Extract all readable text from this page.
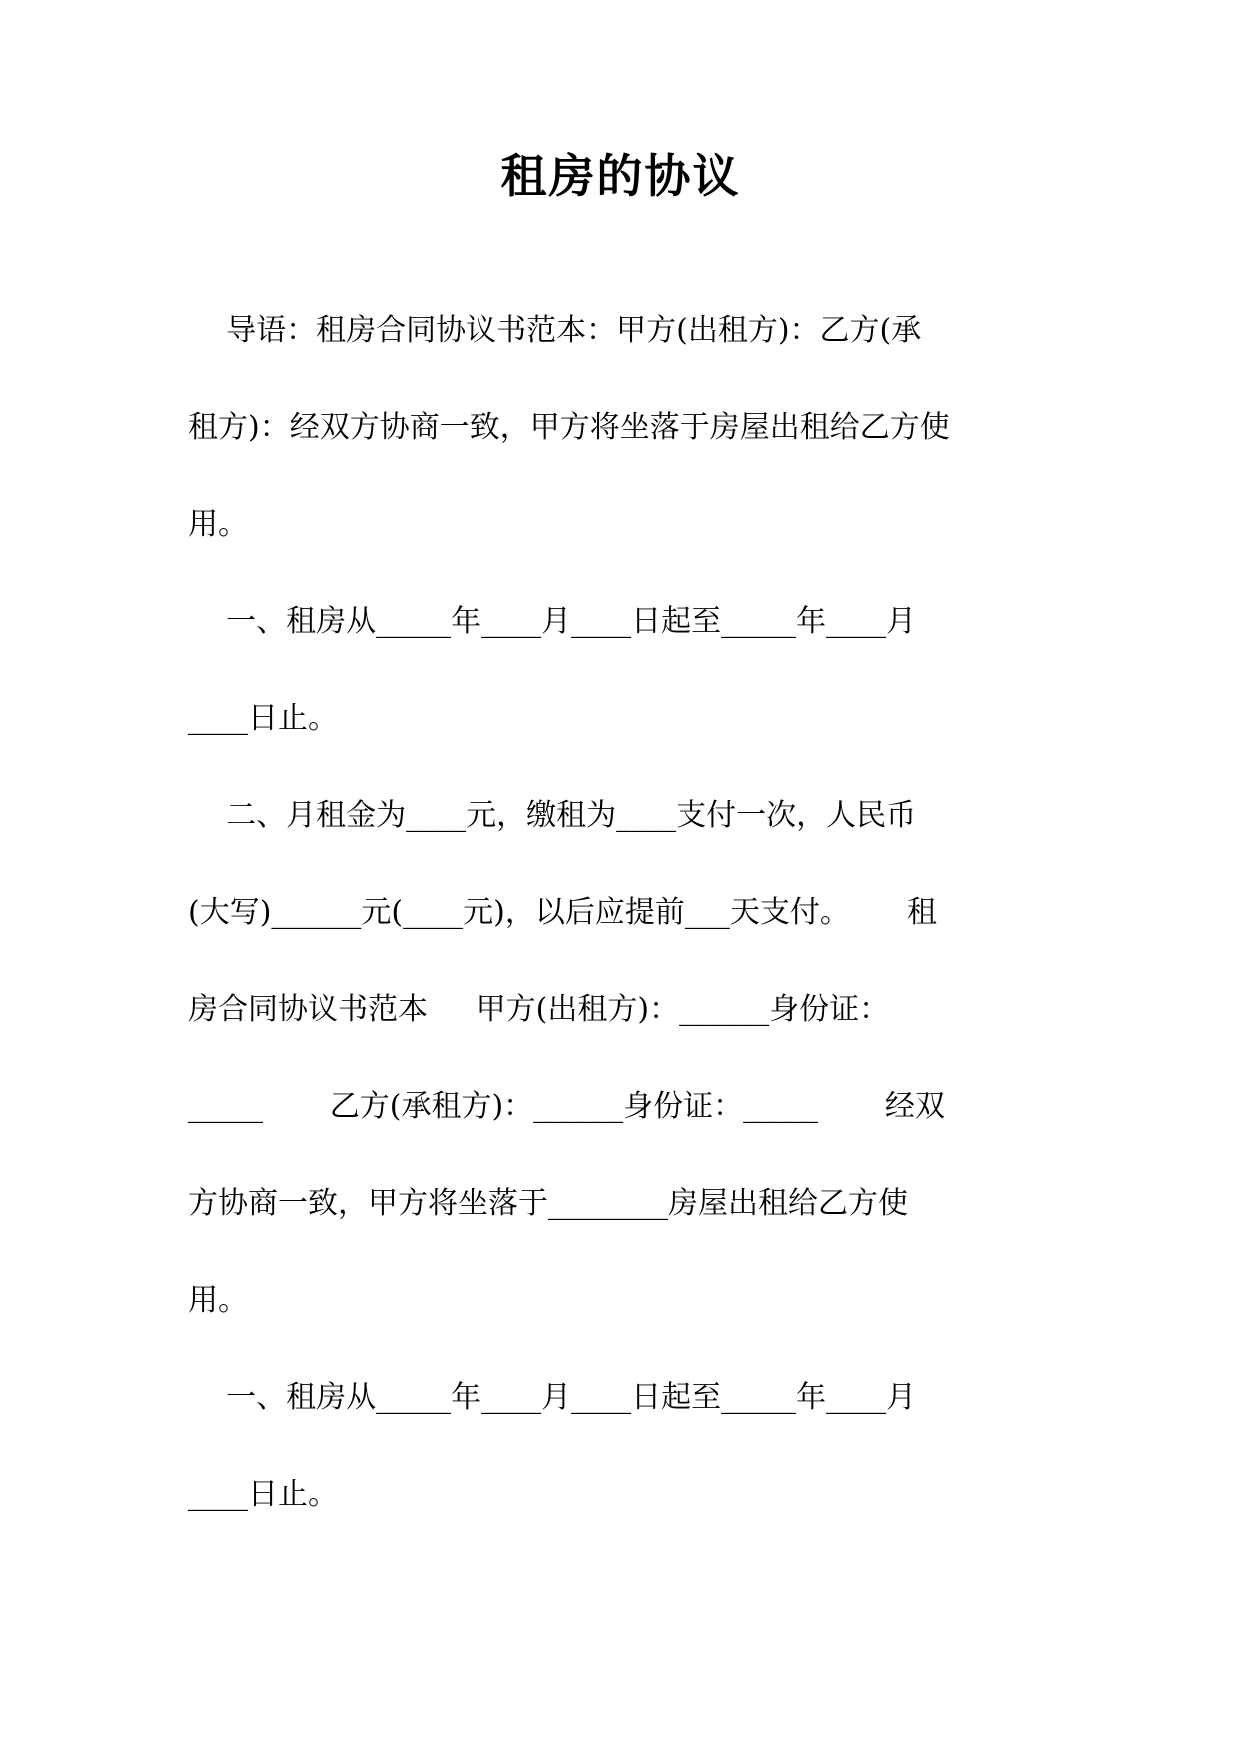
租房的协议
导语：租房合同协议书范本：甲方(出租方)：乙方(承
租方)：经双方协商一致，甲方将坐落于房屋出租给乙方使
用。
一、租房从_____年____月____日起至_____年____月
____日止。
二、月租金为____元，缴租为____支付一次，人民币
(大写)______元(____元)，以后应提前___天支付。      租
房合同协议书范本     甲方(出租方)：______身份证：
_____       乙方(承租方)：______身份证：_____       经双
方协商一致，甲方将坐落于________房屋出租给乙方使
用。
一、租房从_____年____月____日起至_____年____月
____日止。
